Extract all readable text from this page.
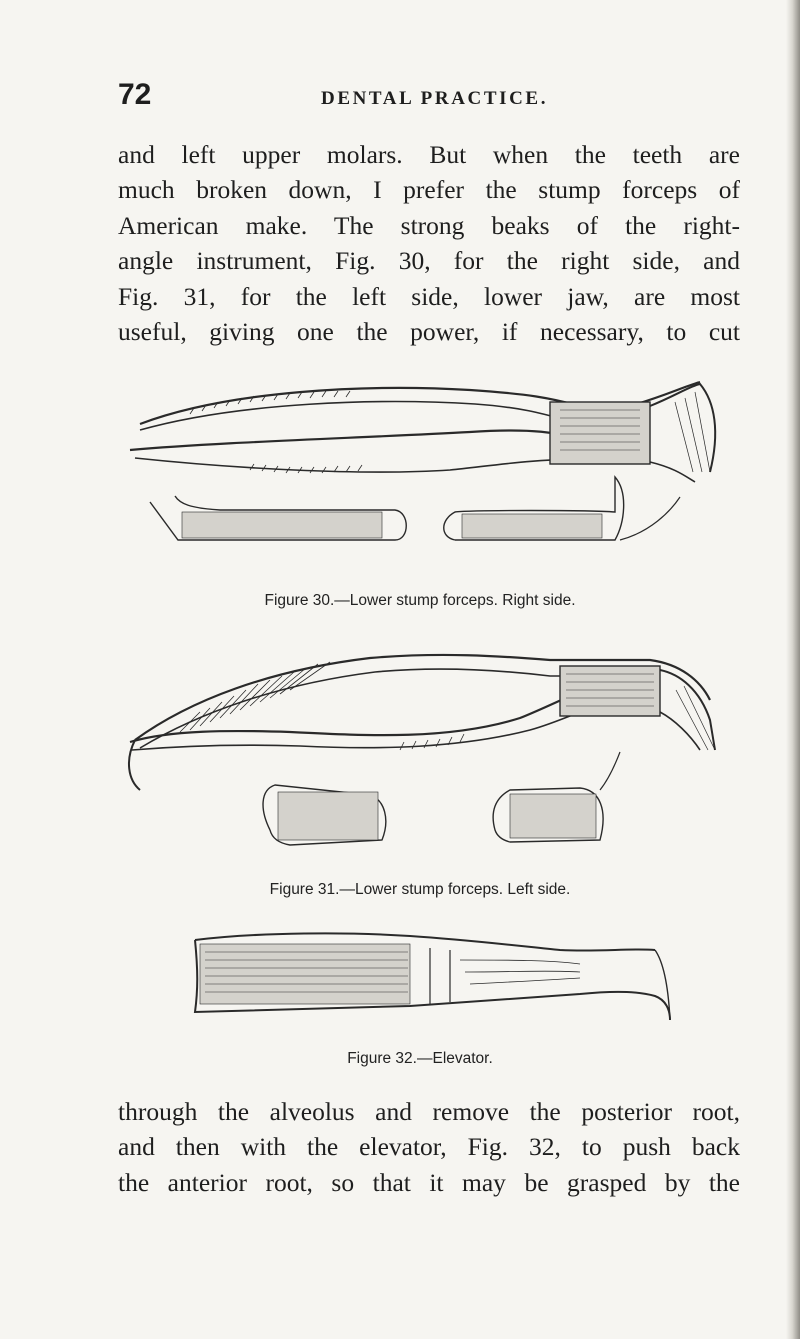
72	DENTAL PRACTICE.

and left upper molars. But when the teeth are
much broken down, I prefer the stump forceps of
American make. The strong beaks of the right-
angle instrument, Fig. 30, for the right side, and
Fig. 31, for the left side, lower jaw, are most
useful, giving one the power, if necessary, to cut

Figure 30.—Lower stump forceps. Right side.
Figure 31.—Lower stump forceps. Left side.
Figure 32.—Elevator.

through the alveolus and remove the posterior root,
and then with the elevator, Fig. 32, to push back
the anterior root, so that it may be grasped by the
